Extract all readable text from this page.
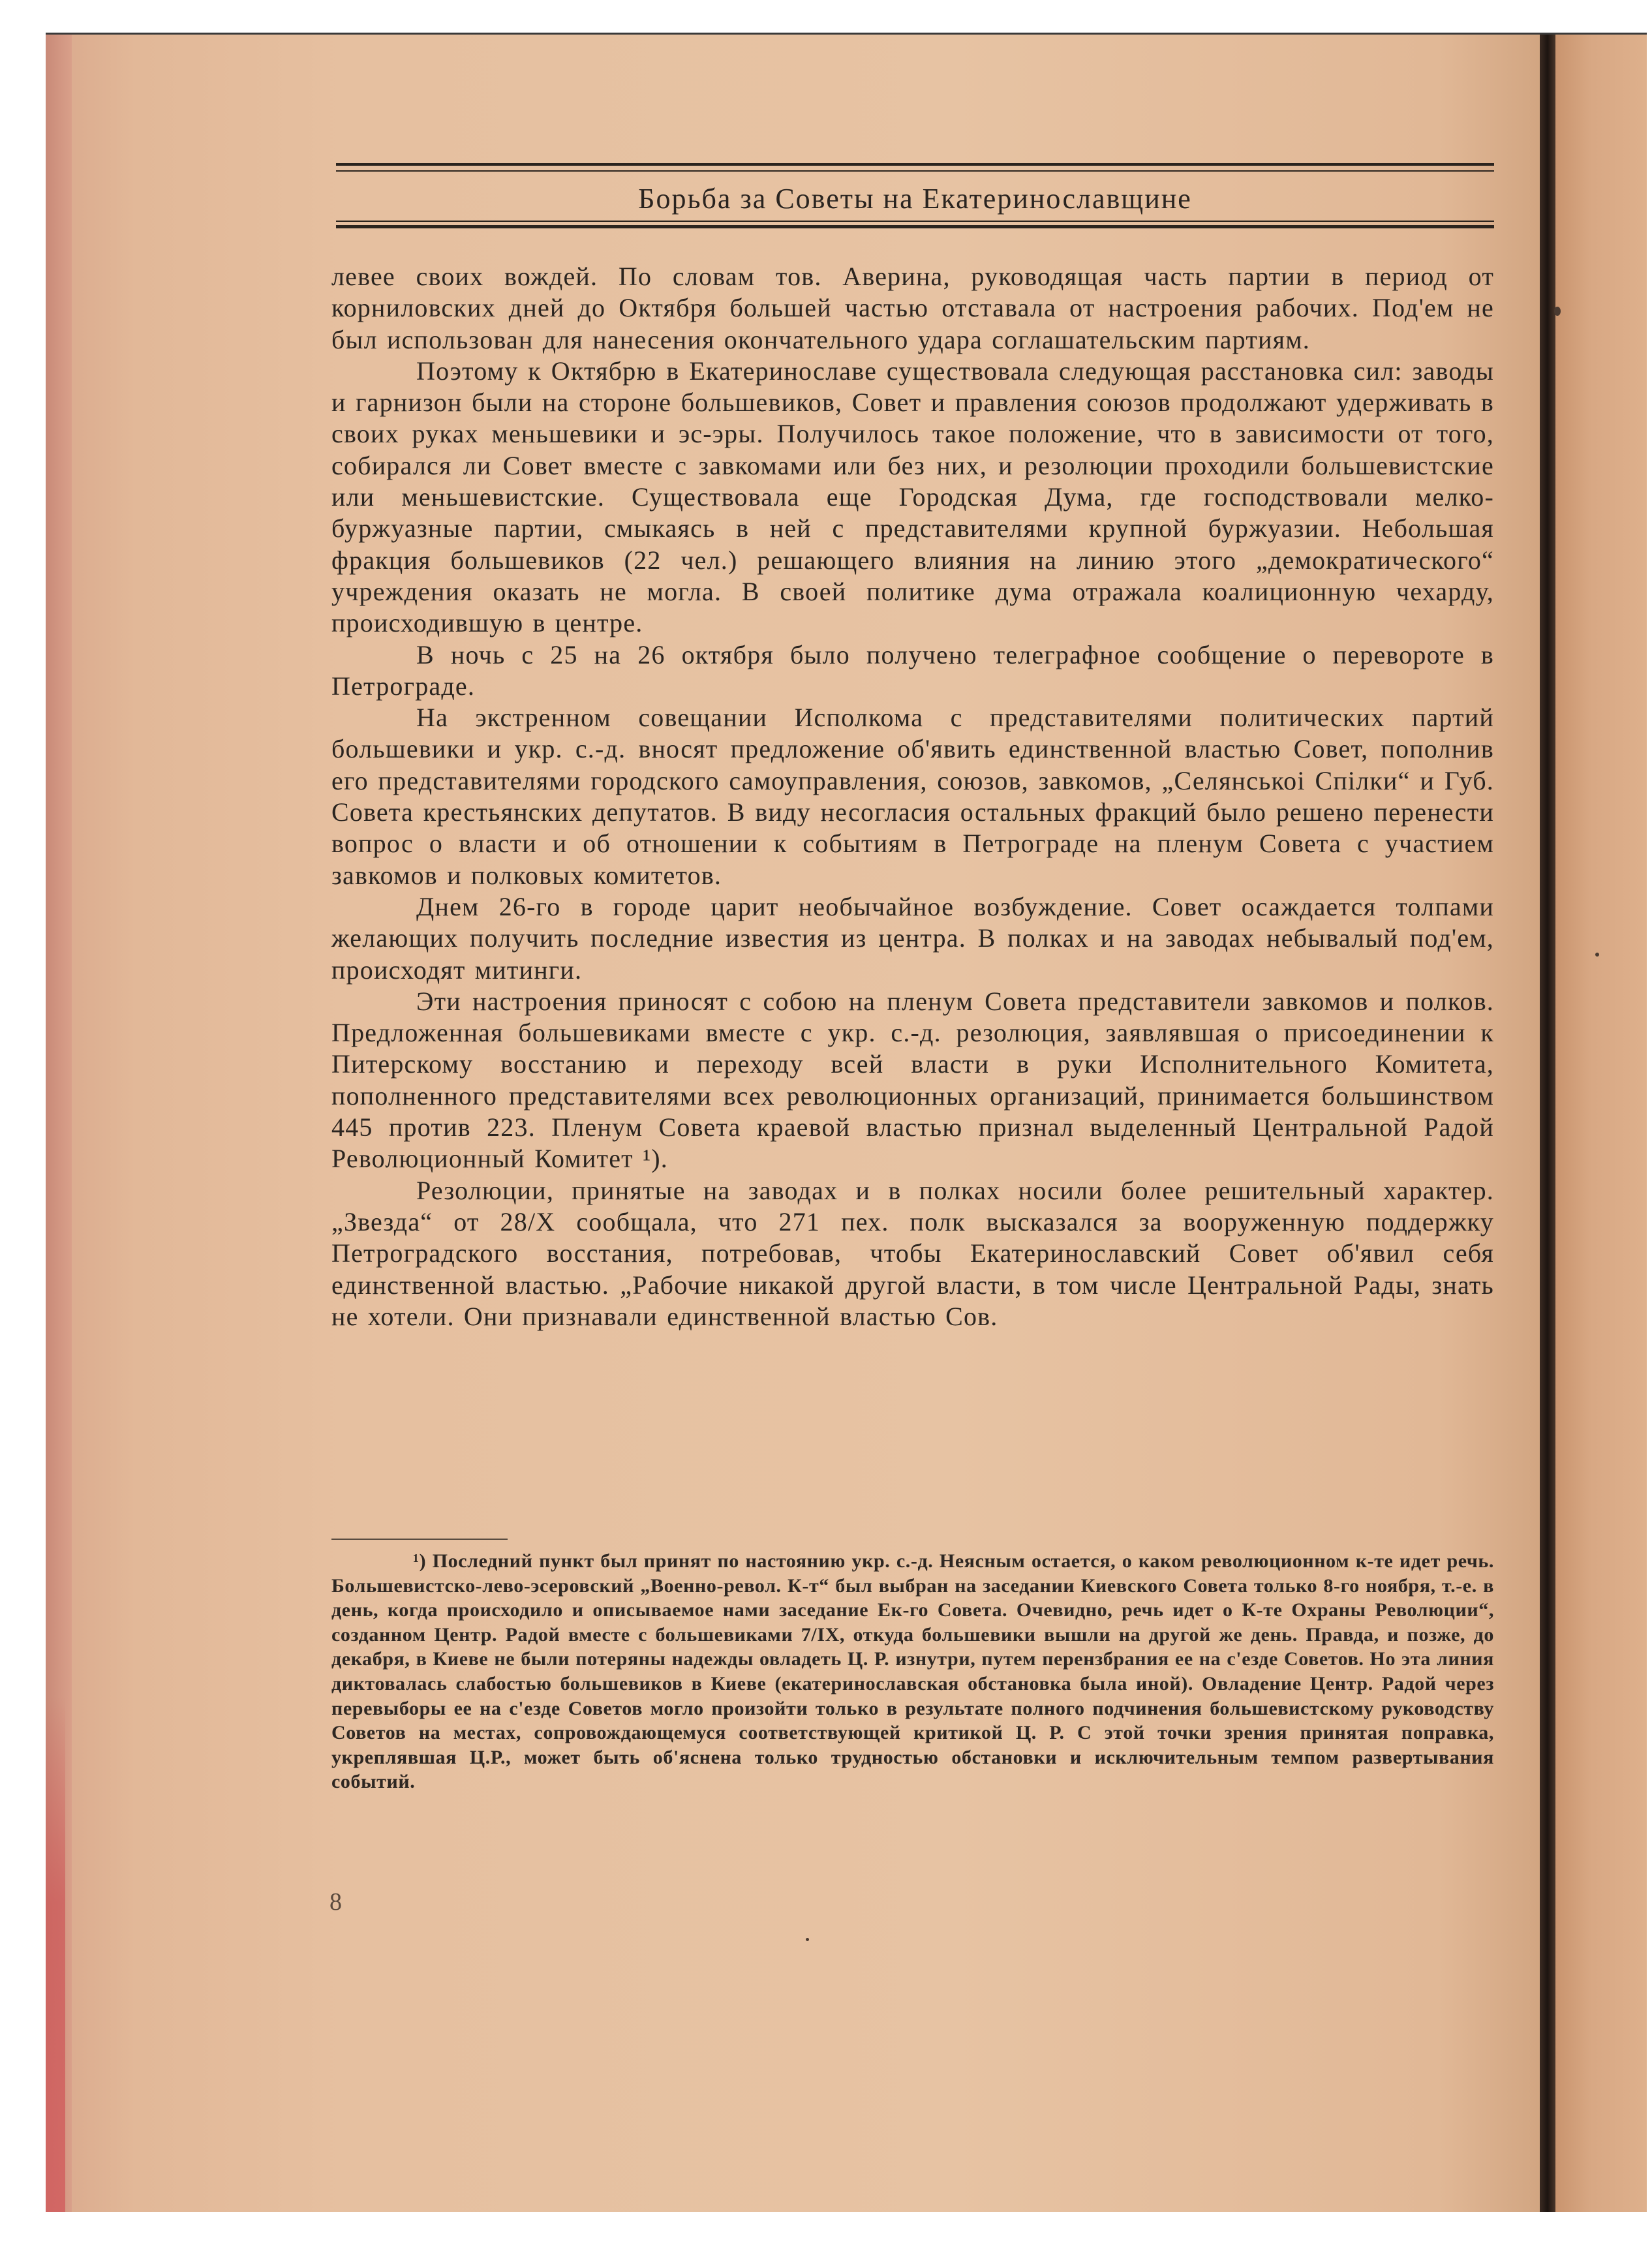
Борьба за Советы на Екатеринославщине

левее своих вождей. По словам тов. Аверина, руководящая часть партии в период от корниловских дней до Октября большей частью отставала от настроения рабочих. Под'ем не был использован для нанесения окончательного удара соглашательским партиям.

Поэтому к Октябрю в Екатеринославе существовала следующая расстановка сил: заводы и гарнизон были на стороне большевиков, Совет и правления союзов продолжают удерживать в своих руках меньшевики и эс-эры. Получилось такое положение, что в зависимости от того, собирался ли Совет вместе с завкомами или без них, и резолюции проходили большевистские или меньшевистские. Существовала еще Городская Дума, где господствовали мелко-буржуазные партии, смыкаясь в ней с представителями крупной буржуазии. Небольшая фракция большевиков (22 чел.) решающего влияния на линию этого „демократического“ учреждения оказать не могла. В своей политике дума отражала коалиционную чехарду, происходившую в центре.

В ночь с 25 на 26 октября было получено телеграфное сообщение о перевороте в Петрограде.

На экстренном совещании Исполкома с представителями политических партий большевики и укр. с.-д. вносят предложение об'явить единственной властью Совет, пополнив его представителями городского самоуправления, союзов, завкомов, „Селянськоі Спілки“ и Губ. Совета крестьянских депутатов. В виду несогласия остальных фракций было решено перенести вопрос о власти и об отношении к событиям в Петрограде на пленум Совета с участием завкомов и полковых комитетов.

Днем 26-го в городе царит необычайное возбуждение. Совет осаждается толпами желающих получить последние известия из центра. В полках и на заводах небывалый под'ем, происходят митинги.

Эти настроения приносят с собою на пленум Совета представители завкомов и полков. Предложенная большевиками вместе с укр. с.-д. резолюция, заявлявшая о присоединении к Питерскому восстанию и переходу всей власти в руки Исполнительного Комитета, пополненного представителями всех революционных организаций, принимается большинством 445 против 223. Пленум Совета краевой властью признал выделенный Центральной Радой Революционный Комитет ¹).

Резолюции, принятые на заводах и в полках носили более решительный характер. „Звезда“ от 28/X сообщала, что 271 пех. полк высказался за вооруженную поддержку Петроградского восстания, потребовав, чтобы Екатеринославский Совет об'явил себя единственной властью. „Рабочие никакой другой власти, в том числе Центральной Рады, знать не хотели. Они признавали единственной властью Сов.

¹) Последний пункт был принят по настоянию укр. с.-д. Неясным остается, о каком революционном к-те идет речь. Большевистско-лево-эсеровский „Военно-револ. К-т“ был выбран на заседании Киевского Совета только 8-го ноября, т.-е. в день, когда происходило и описываемое нами заседание Ек-го Совета. Очевидно, речь идет о К-те Охраны Революции“, созданном Центр. Радой вместе с большевиками 7/IX, откуда большевики вышли на другой же день. Правда, и позже, до декабря, в Киеве не были потеряны надежды овладеть Ц. Р. изнутри, путем перензбрания ее на с'езде Советов. Но эта линия диктовалась слабостью большевиков в Киеве (екатеринославская обстановка была иной). Овладение Центр. Радой через перевыборы ее на с'езде Советов могло произойти только в результате полного подчинения большевистскому руководству Советов на местах, сопровождающемуся соответствующей критикой Ц. Р. С этой точки зрения принятая поправка, укреплявшая Ц.Р., может быть об'яснена только трудностью обстановки и исключительным темпом развертывания событий.

8
